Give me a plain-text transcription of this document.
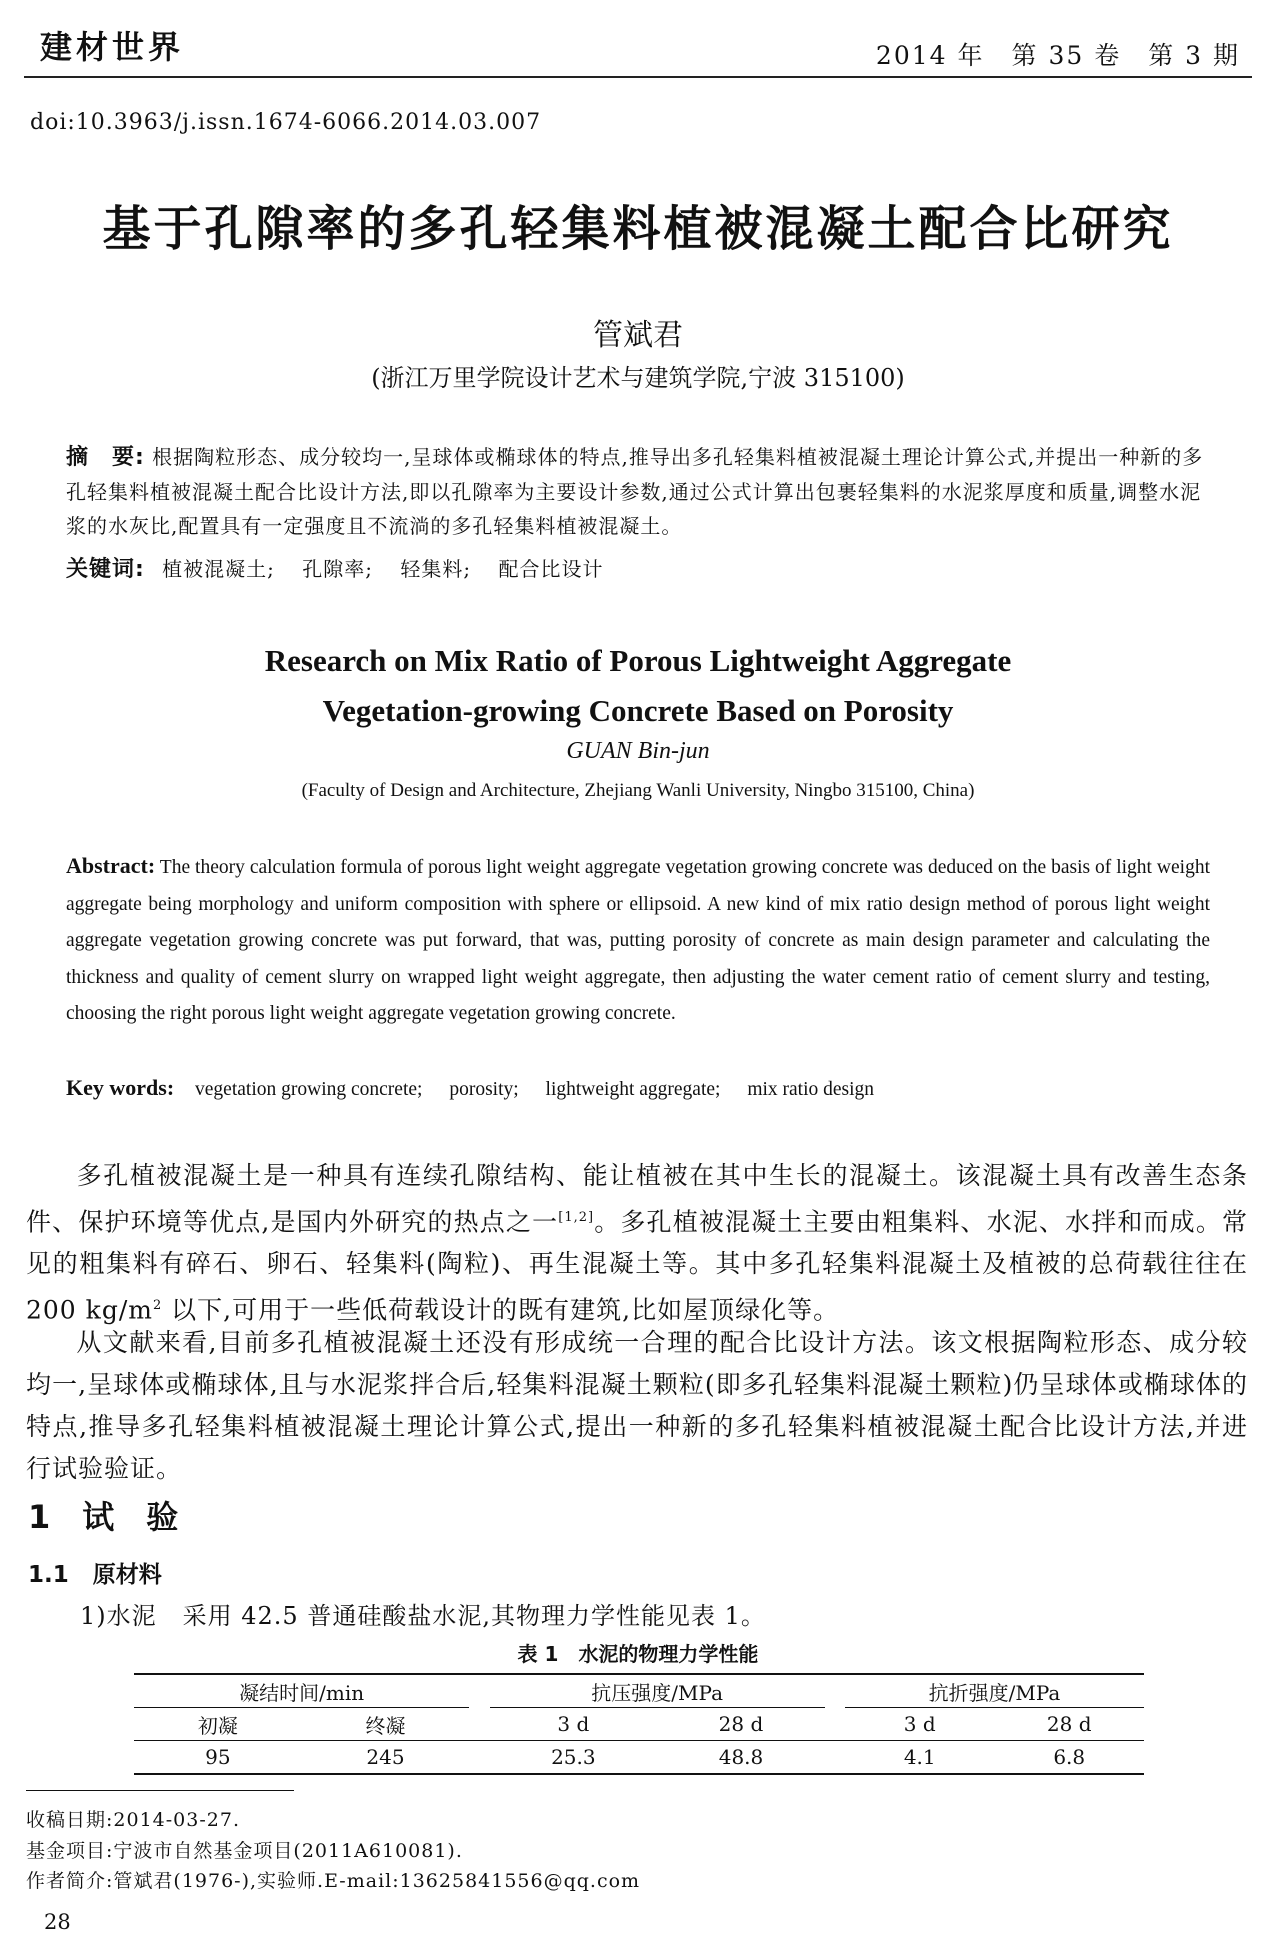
建材世界	2014 年　第 35 卷　第 3 期
doi:10.3963/j.issn.1674-6066.2014.03.007
基于孔隙率的多孔轻集料植被混凝土配合比研究
管斌君
(浙江万里学院设计艺术与建筑学院,宁波 315100)
摘　要: 根据陶粒形态、成分较均一,呈球体或椭球体的特点,推导出多孔轻集料植被混凝土理论计算公式,并提出一种新的多孔轻集料植被混凝土配合比设计方法,即以孔隙率为主要设计参数,通过公式计算出包裹轻集料的水泥浆厚度和质量,调整水泥浆的水灰比,配置具有一定强度且不流淌的多孔轻集料植被混凝土。
关键词: 植被混凝土; 孔隙率; 轻集料; 配合比设计
Research on Mix Ratio of Porous Lightweight Aggregate
Vegetation-growing Concrete Based on Porosity
GUAN Bin-jun
(Faculty of Design and Architecture, Zhejiang Wanli University, Ningbo 315100, China)
Abstract: The theory calculation formula of porous light weight aggregate vegetation growing concrete was deduced on the basis of light weight aggregate being morphology and uniform composition with sphere or ellipsoid. A new kind of mix ratio design method of porous light weight aggregate vegetation growing concrete was put forward, that was, putting porosity of concrete as main design parameter and calculating the thickness and quality of cement slurry on wrapped light weight aggregate, then adjusting the water cement ratio of cement slurry and testing, choosing the right porous light weight aggregate vegetation growing concrete.
Key words: vegetation growing concrete; porosity; lightweight aggregate; mix ratio design
多孔植被混凝土是一种具有连续孔隙结构、能让植被在其中生长的混凝土。该混凝土具有改善生态条件、保护环境等优点,是国内外研究的热点之一[1,2]。多孔植被混凝土主要由粗集料、水泥、水拌和而成。常见的粗集料有碎石、卵石、轻集料(陶粒)、再生混凝土等。其中多孔轻集料混凝土及植被的总荷载往往在 200 $kg/m^2$ 以下,可用于一些低荷载设计的既有建筑,比如屋顶绿化等。
从文献来看,目前多孔植被混凝土还没有形成统一合理的配合比设计方法。该文根据陶粒形态、成分较均一,呈球体或椭球体,且与水泥浆拌合后,轻集料混凝土颗粒(即多孔轻集料混凝土颗粒)仍呈球体或椭球体的特点,推导多孔轻集料植被混凝土理论计算公式,提出一种新的多孔轻集料植被混凝土配合比设计方法,并进行试验验证。
1 试 验
1.1 原材料
1)水泥 采用 42.5 普通硅酸盐水泥,其物理力学性能见表 1。
表 1 水泥的物理力学性能
凝结时间/min			抗压强度/MPa			抗折强度/MPa	
初凝	终凝		3 d	28 d		3 d	28 d
95	245		25.3	48.8		4.1	6.8
收稿日期:2014-03-27.
基金项目:宁波市自然基金项目(2011A610081).
作者简介:管斌君(1976-),实验师.E-mail:13625841556@qq.com
28
